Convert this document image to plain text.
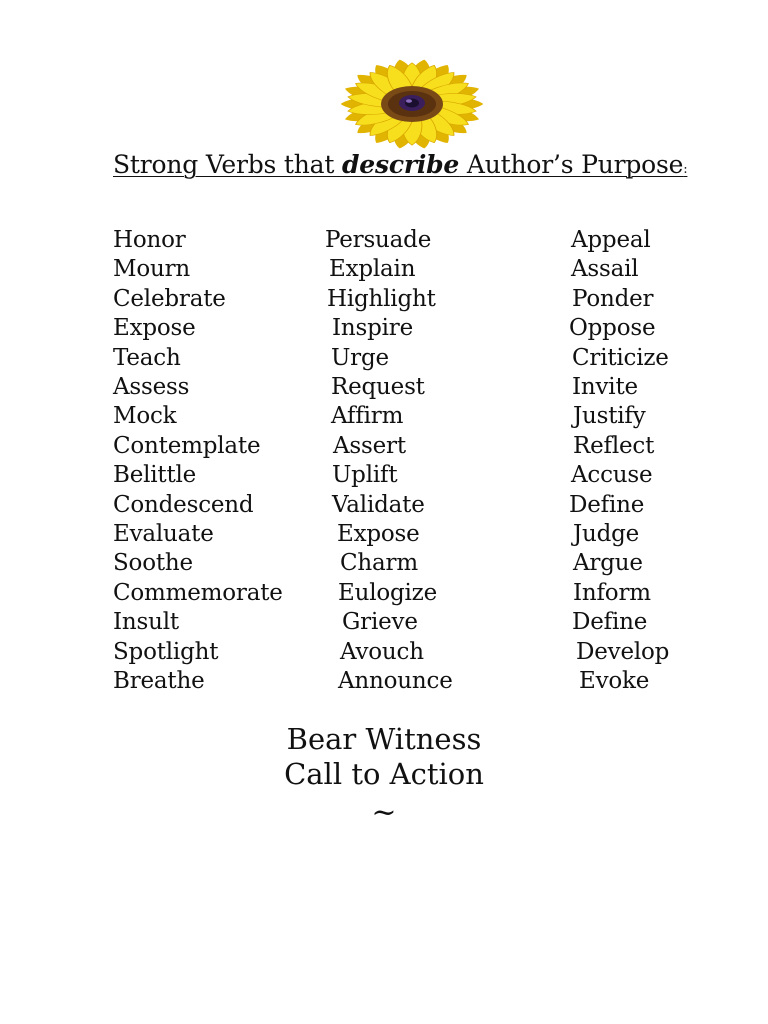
Strong Verbs that describe Author’s Purpose:
Honor
Mourn
Celebrate
Expose
Teach
Assess
Mock
Contemplate
Belittle
Condescend
Evaluate
Soothe
Commemorate
Insult
Spotlight
Breathe
Persuade
Explain
Highlight
Inspire
Urge
Request
Affirm
Assert
Uplift
Validate
Expose
Charm
Eulogize
Grieve
Avouch
Announce
Appeal
Assail
Ponder
Oppose
Criticize
Invite
Justify
Reflect
Accuse
Define
Judge
Argue
Inform
Define
Develop
Evoke
Bear Witness
Call to Action
~
